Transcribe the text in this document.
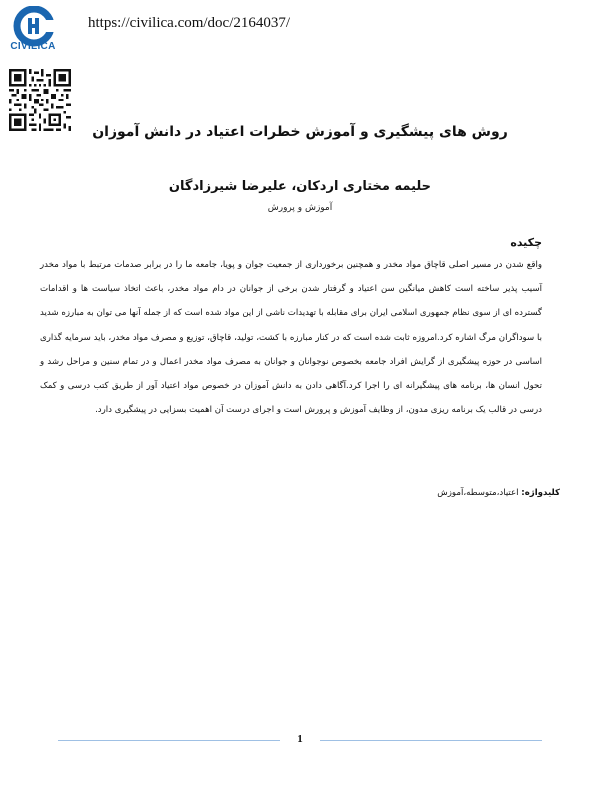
CIVILICA
https://civilica.com/doc/2164037/
روش های پیشگیری و آموزش خطرات اعتیاد در دانش آموزان
حلیمه مختاری اردکان، علیرضا شیرزادگان
آموزش و پرورش
چکیده
واقع شدن در مسیر اصلی قاچاق مواد مخدر و همچنین برخورداری از جمعیت جوان و پویا، جامعه ما را در برابر صدمات مرتبط با مواد مخدر آسیب پذیر ساخته است کاهش میانگین سن اعتیاد و گرفتار شدن برخی از جوانان در دام مواد مخدر، باعث اتخاذ سیاست ها و اقدامات گسترده ای از سوی نظام جمهوری اسلامی ایران برای مقابله با تهدیدات ناشی از این مواد شده است که از جمله آنها می توان به مبارزه شدید با سوداگران مرگ اشاره کرد.امروزه ثابت شده است که در کنار مبارزه با کشت، تولید، قاچاق، توزیع و مصرف مواد مخدر، باید سرمایه گذاری اساسی در حوزه پیشگیری از گرایش افراد جامعه بخصوص نوجوانان و جوانان به مصرف مواد مخدر اعمال و در تمام سنین و مراحل رشد و تحول انسان ها، برنامه های پیشگیرانه ای را اجرا کرد.آگاهی دادن به دانش آموزان در خصوص مواد اعتیاد آور از طریق کتب درسی و کمک درسی در قالب یک برنامه ریزی مدون، از وظایف آموزش و پرورش است و اجرای درست آن اهمیت بسزایی در پیشگیری دارد.
کلیدواژه: اعتیاد،متوسطه،آموزش
1
